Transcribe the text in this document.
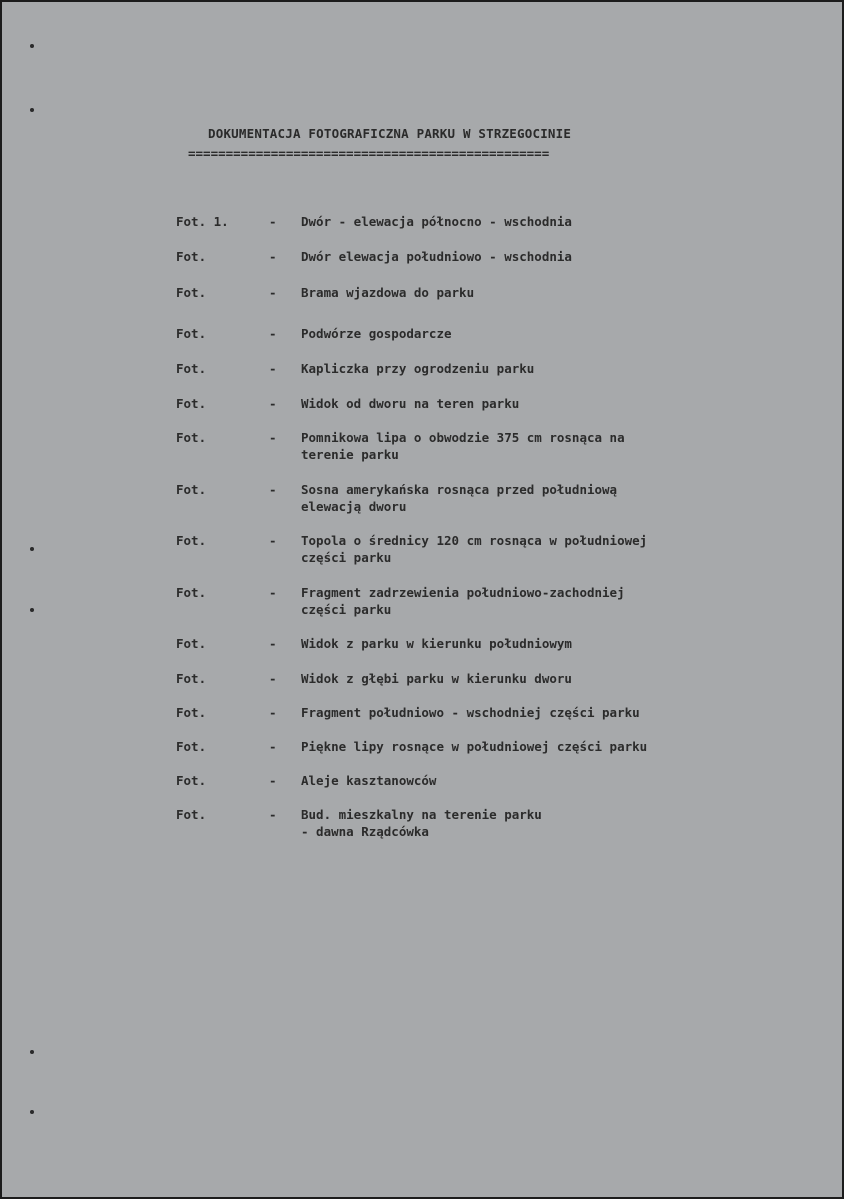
DOKUMENTACJA FOTOGRAFICZNA PARKU W STRZEGOCINIE
================================================
Fot. 1.	- Dwór - elewacja północno - wschodnia
Fot.	- Dwór elewacja południowo - wschodnia
Fot.	- Brama wjazdowa do parku
Fot.	- Podwórze gospodarcze
Fot.	- Kapliczka przy ogrodzeniu parku
Fot.	- Widok od dworu na teren parku
Fot.	- Pomnikowa lipa o obwodzie 375 cm rosnąca na
terenie parku
Fot.	- Sosna amerykańska rosnąca przed południową
elewacją dworu
Fot.	- Topola o średnicy 120 cm rosnąca w południowej
części parku
Fot.	- Fragment zadrzewienia południowo-zachodniej
części parku
Fot.	- Widok z parku w kierunku południowym
Fot.	- Widok z głębi parku w kierunku dworu
Fot.	- Fragment południowo - wschodniej części parku
Fot.	- Piękne lipy rosnące w południowej części parku
Fot.	- Aleje kasztanowców
Fot.	- Bud. mieszkalny na terenie parku
- dawna Rządcówka
